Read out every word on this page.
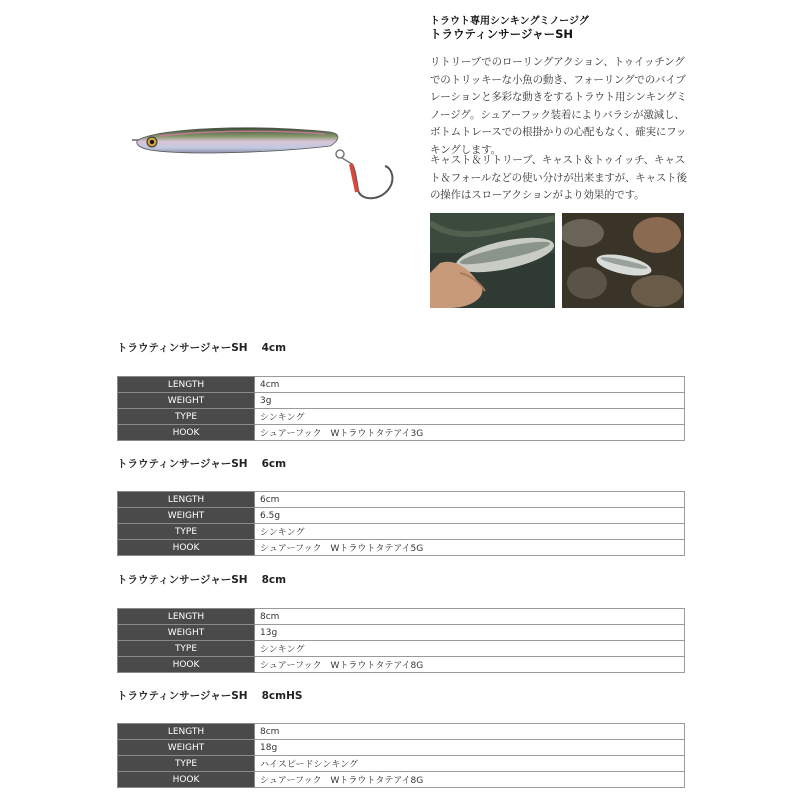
トラウト専用シンキングミノージグ
トラウティンサージャーSH
リトリーブでのローリングアクション、トゥイッチングでのトリッキーな小魚の動き、フォーリングでのバイブレーションと多彩な動きをするトラウト用シンキングミノージグ。シュアーフック装着によりバラシが激減し、ボトムトレースでの根掛かりの心配もなく、確実にフッキングします。
キャスト＆リトリーブ、キャスト＆トゥイッチ、キャスト＆フォールなどの使い分けが出来ますが、キャスト後の操作はスローアクションがより効果的です。
トラウティンサージャーSH 4cm
LENGTH	4cm
WEIGHT	3g
TYPE	シンキング
HOOK	シュアーフック　Wトラウトタテアイ3G
トラウティンサージャーSH 6cm
LENGTH	6cm
WEIGHT	6.5g
TYPE	シンキング
HOOK	シュアーフック　Wトラウトタテアイ5G
トラウティンサージャーSH 8cm
LENGTH	8cm
WEIGHT	13g
TYPE	シンキング
HOOK	シュアーフック　Wトラウトタテアイ8G
トラウティンサージャーSH 8cmHS
LENGTH	8cm
WEIGHT	18g
TYPE	ハイスピードシンキング
HOOK	シュアーフック　Wトラウトタテアイ8G
